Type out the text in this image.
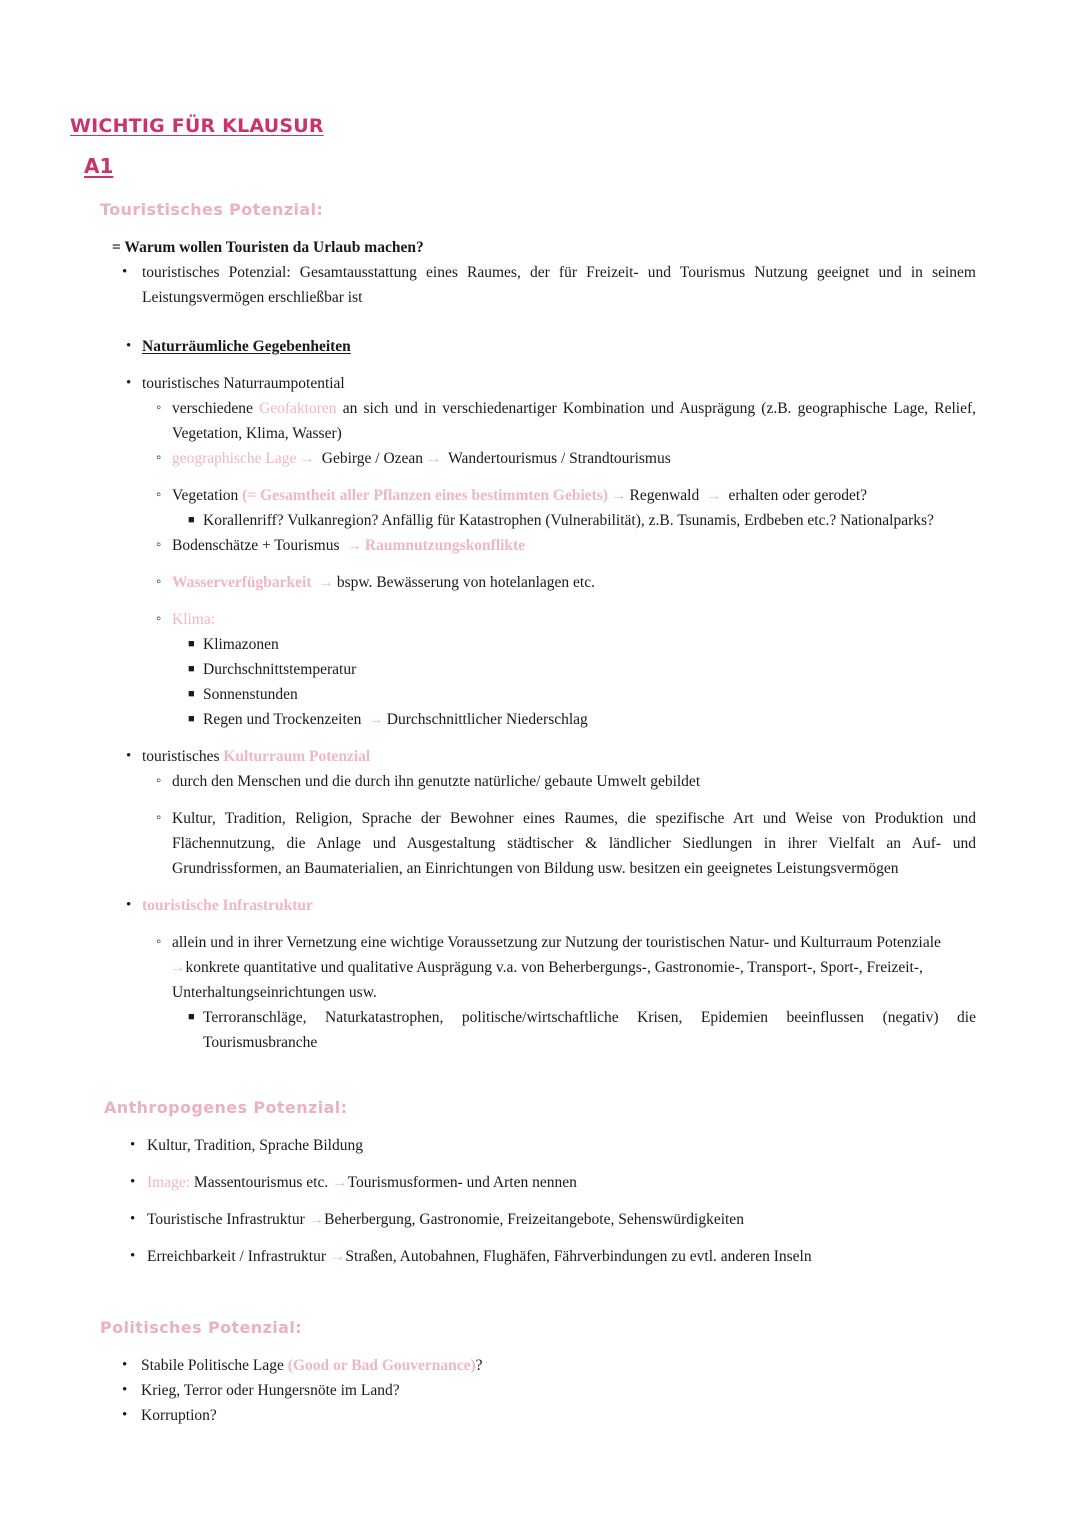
WICHTIG FÜR KLAUSUR
A1
Touristisches Potenzial:
= Warum wollen Touristen da Urlaub machen?
• touristisches Potenzial: Gesamtausstattung eines Raumes, der für Freizeit- und Tourismus Nutzung geeignet und in seinem
Leistungsvermögen erschließbar ist
• Naturräumliche Gegebenheiten
• touristisches Naturraumpotential
◦ verschiedene Geofaktoren an sich und in verschiedenartiger Kombination und Ausprägung (z.B. geographische Lage, Relief,
Vegetation, Klima, Wasser)
◦ geographische Lage → Gebirge / Ozean → Wandertourismus / Strandtourismus
◦ Vegetation (= Gesamtheit aller Pflanzen eines bestimmten Gebiets) → Regenwald → erhalten oder gerodet?
■ Korallenriff? Vulkanregion? Anfällig für Katastrophen (Vulnerabilität), z.B. Tsunamis, Erdbeben etc.? Nationalparks?
◦ Bodenschätze + Tourismus → Raumnutzungskonflikte
◦ Wasserverfügbarkeit → bspw. Bewässerung von hotelanlagen etc.
◦ Klima:
■ Klimazonen
■ Durchschnittstemperatur
■ Sonnenstunden
■ Regen und Trockenzeiten → Durchschnittlicher Niederschlag
• touristisches Kulturraum Potenzial
◦ durch den Menschen und die durch ihn genutzte natürliche/ gebaute Umwelt gebildet
◦ Kultur, Tradition, Religion, Sprache der Bewohner eines Raumes, die spezifische Art und Weise von Produktion und Flächennutzung, die Anlage und Ausgestaltung städtischer & ländlicher Siedlungen in ihrer Vielfalt an Auf- und Grundrissformen, an Baumaterialien, an Einrichtungen von Bildung usw. besitzen ein geeignetes Leistungsvermögen
• touristische Infrastruktur
◦ allein und in ihrer Vernetzung eine wichtige Voraussetzung zur Nutzung der touristischen Natur- und Kulturraum Potenziale
→konkrete quantitative und qualitative Ausprägung v.a. von Beherbergungs-, Gastronomie-, Transport-, Sport-, Freizeit-,
Unterhaltungseinrichtungen usw.
■ Terroranschläge, Naturkatastrophen, politische/wirtschaftliche Krisen, Epidemien beeinflussen (negativ) die Tourismusbranche
Anthropogenes Potenzial:
• Kultur, Tradition, Sprache Bildung
• Image: Massentourismus etc. →Tourismusformen- und Arten nennen
• Touristische Infrastruktur →Beherbergung, Gastronomie, Freizeitangebote, Sehenswürdigkeiten
• Erreichbarkeit / Infrastruktur →Straßen, Autobahnen, Flughäfen, Fährverbindungen zu evtl. anderen Inseln
Politisches Potenzial:
• Stabile Politische Lage (Good or Bad Gouvernance)?
• Krieg, Terror oder Hungersnöte im Land?
• Korruption?
